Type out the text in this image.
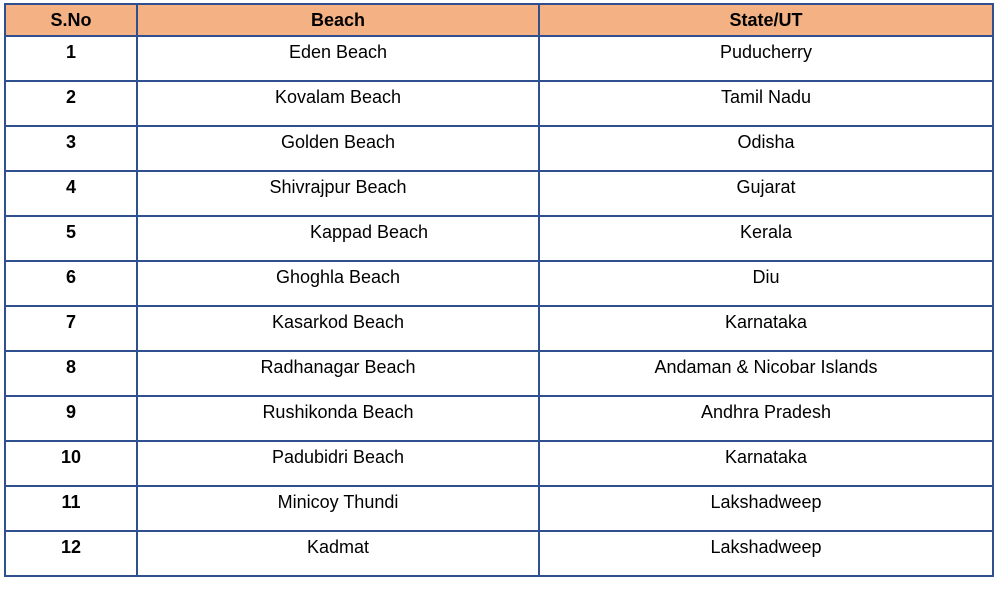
S.No	Beach	State/UT
1	Eden Beach	Puducherry
2	Kovalam Beach	Tamil Nadu
3	Golden Beach	Odisha
4	Shivrajpur Beach	Gujarat
5	Kappad Beach	Kerala
6	Ghoghla Beach	Diu
7	Kasarkod Beach	Karnataka
8	Radhanagar Beach	Andaman & Nicobar Islands
9	Rushikonda Beach	Andhra Pradesh
10	Padubidri Beach	Karnataka
11	Minicoy Thundi	Lakshadweep
12	Kadmat	Lakshadweep
